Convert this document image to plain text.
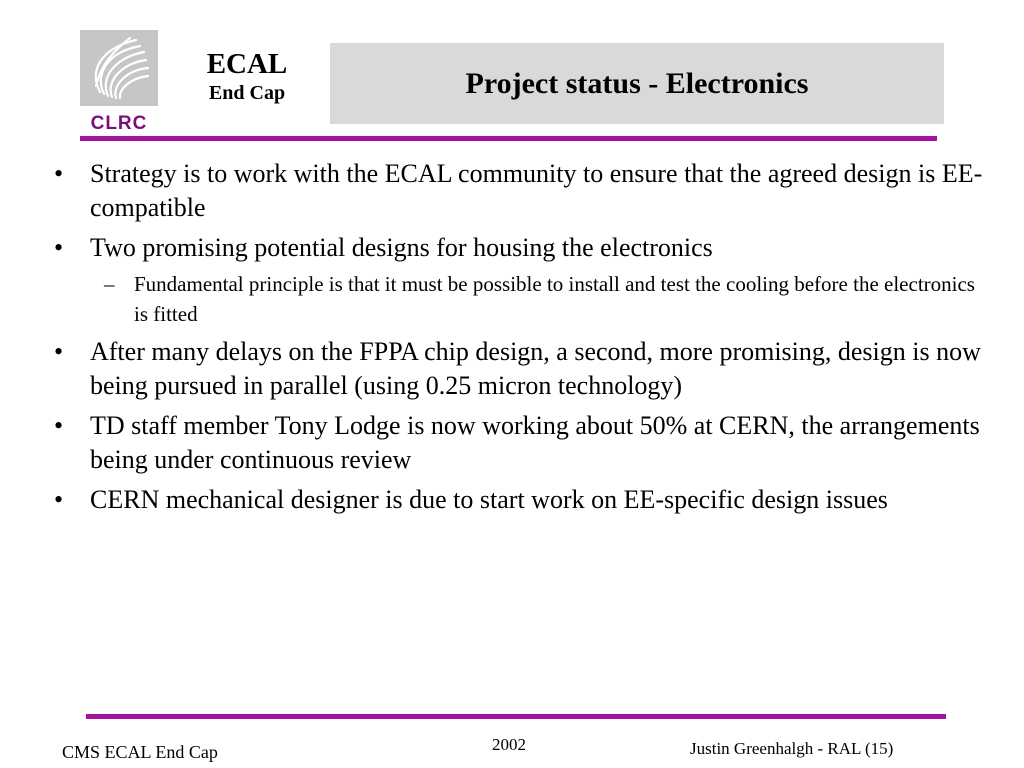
CLRC
ECAL
End Cap	Project status - Electronics
•	Strategy is to work with the ECAL community to ensure that the agreed design is EE-compatible
•	Two promising potential designs for housing the electronics
– Fundamental principle is that it must be possible to install and test the cooling before the electronics is fitted
•	After many delays on the FPPA chip design, a second, more promising, design is now being pursued in parallel (using 0.25 micron technology)
•	TD staff member Tony Lodge is now working about 50% at CERN, the arrangements being under continuous review
•	CERN mechanical designer is due to start work on EE-specific design issues
CMS ECAL End Cap	2002	Justin Greenhalgh - RAL (15)
